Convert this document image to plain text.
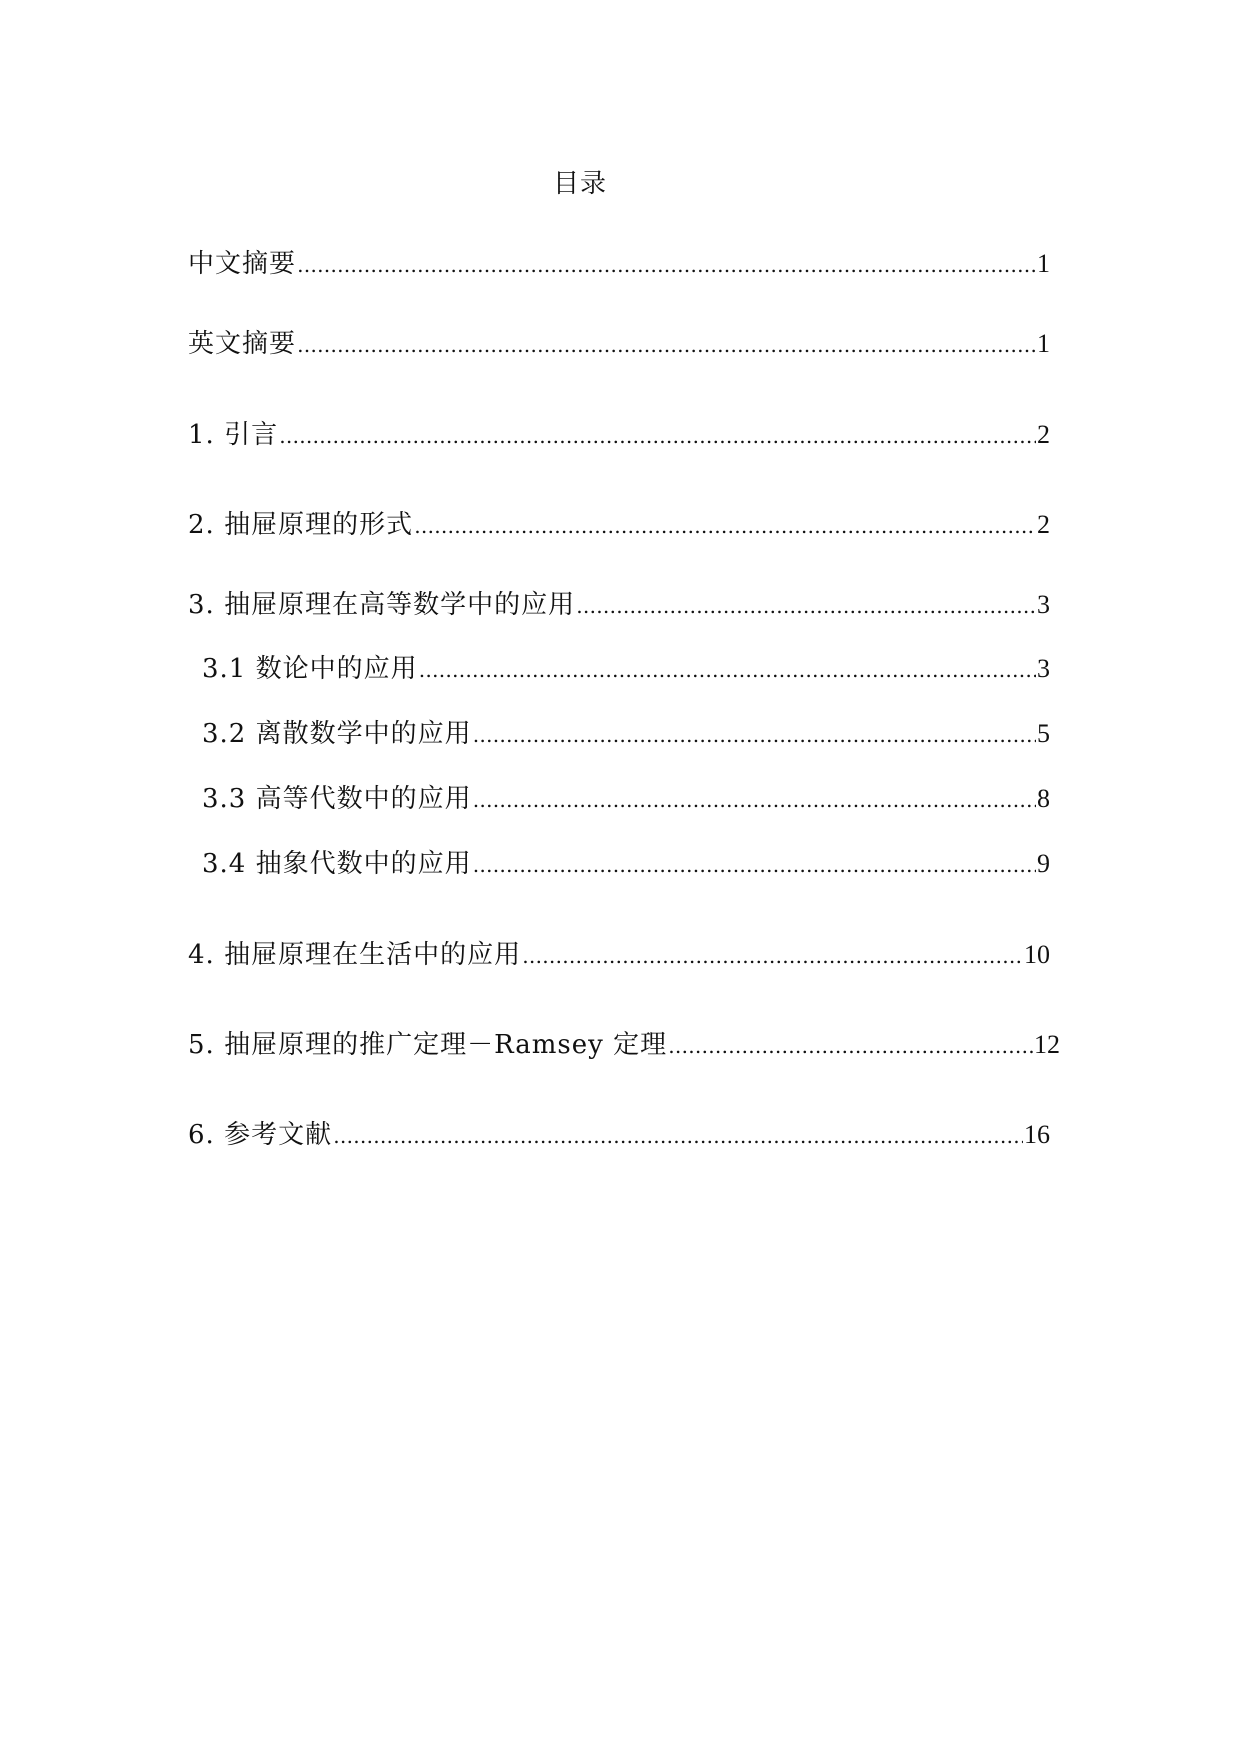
目录
中文摘要 ……………………………………………………………………………………………………………………………………………………………………	1
英文摘要 ……………………………………………………………………………………………………………………………………………………………………	1
1. 引言 ……………………………………………………………………………………………………………………………………………………………………	2
2. 抽屉原理的形式 ……………………………………………………………………………………………………………………………………………………………………	2
3. 抽屉原理在高等数学中的应用 ……………………………………………………………………………………………………………………………………………………………………	3
3.1 数论中的应用 ……………………………………………………………………………………………………………………………………………………………………	3
3.2 离散数学中的应用 ……………………………………………………………………………………………………………………………………………………………………	5
3.3 高等代数中的应用 ……………………………………………………………………………………………………………………………………………………………………	8
3.4 抽象代数中的应用 ……………………………………………………………………………………………………………………………………………………………………	9
4. 抽屉原理在生活中的应用 ……………………………………………………………………………………………………………………………………………………………………	10
5. 抽屉原理的推广定理－Ramsey 定理 ……………………………………………………………………………………………………………………………………………………………………	12
6. 参考文献 ……………………………………………………………………………………………………………………………………………………………………	16
